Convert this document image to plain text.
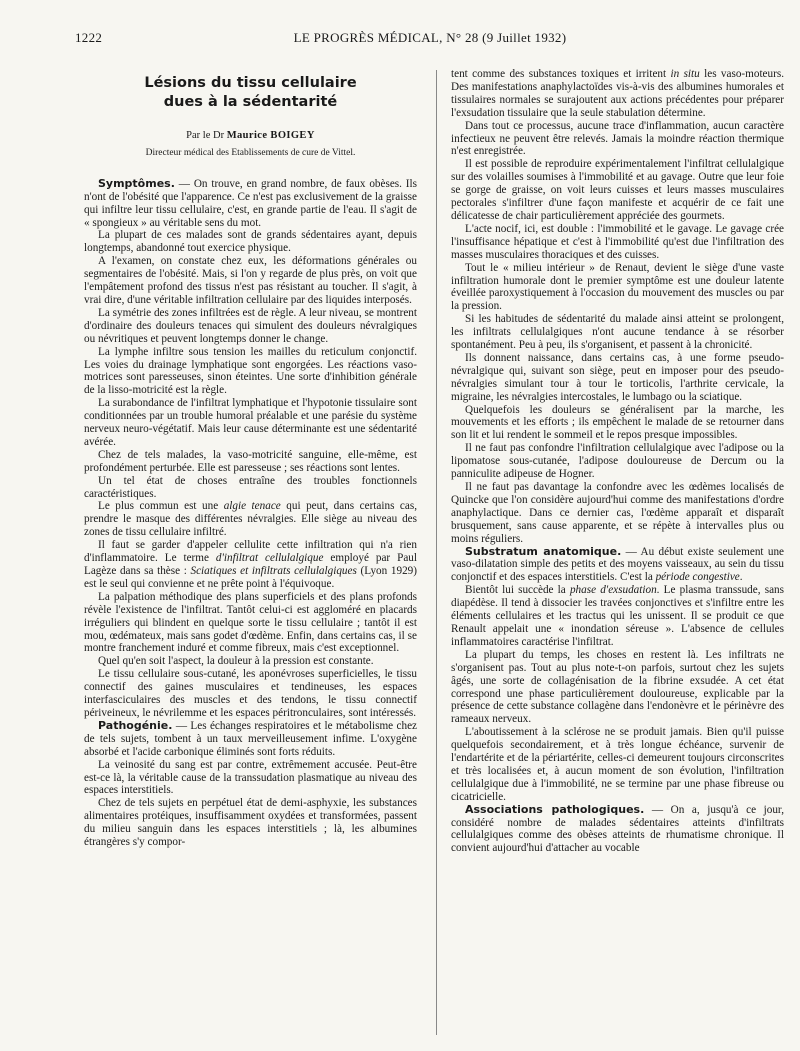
1222	LE PROGRÈS MÉDICAL, N° 28 (9 Juillet 1932)
Lésions du tissu cellulaire
dues à la sédentarité
Par le Dr Maurice BOIGEY
Directeur médical des Etablissements de cure de Vittel.

Symptômes. — On trouve, en grand nombre, de faux obèses. Ils n'ont de l'obésité que l'apparence. Ce n'est pas exclusivement de la graisse qui infiltre leur tissu cellulaire, c'est, en grande partie de l'eau. Il s'agit de « spongieux » au véritable sens du mot.

La plupart de ces malades sont de grands sédentaires ayant, depuis longtemps, abandonné tout exercice physique.

A l'examen, on constate chez eux, les déformations générales ou segmentaires de l'obésité. Mais, si l'on y regarde de plus près, on voit que l'empâtement profond des tissus n'est pas résistant au toucher. Il s'agit, à vrai dire, d'une véritable infiltration cellulaire par des liquides interposés.

La symétrie des zones infiltrées est de règle. A leur niveau, se montrent d'ordinaire des douleurs tenaces qui simulent des douleurs névralgiques ou névritiques et peuvent longtemps donner le change.

La lymphe infiltre sous tension les mailles du reticulum conjonctif. Les voies du drainage lymphatique sont engorgées. Les réactions vaso-motrices sont paresseuses, sinon éteintes. Une sorte d'inhibition générale de la lisso-motricité est la règle.

La surabondance de l'infiltrat lymphatique et l'hypotonie tissulaire sont conditionnées par un trouble humoral préalable et une parésie du système nerveux neuro-végétatif. Mais leur cause déterminante est une sédentarité avérée.

Chez de tels malades, la vaso-motricité sanguine, elle-même, est profondément perturbée. Elle est paresseuse ; ses réactions sont lentes.

Un tel état de choses entraîne des troubles fonctionnels caractéristiques.

Le plus commun est une algie tenace qui peut, dans certains cas, prendre le masque des différentes névralgies. Elle siège au niveau des zones de tissu cellulaire infiltré.

Il faut se garder d'appeler cellulite cette infiltration qui n'a rien d'inflammatoire. Le terme d'infiltrat cellulalgique employé par Paul Lagèze dans sa thèse : Sciatiques et infiltrats cellulalgiques (Lyon 1929) est le seul qui convienne et ne prête point à l'équivoque.

La palpation méthodique des plans superficiels et des plans profonds révèle l'existence de l'infiltrat. Tantôt celui-ci est aggloméré en placards irréguliers qui blindent en quelque sorte le tissu cellulaire ; tantôt il est mou, œdémateux, mais sans godet d'œdème. Enfin, dans certains cas, il se montre franchement induré et comme fibreux, mais c'est exceptionnel.

Quel qu'en soit l'aspect, la douleur à la pression est constante.

Le tissu cellulaire sous-cutané, les aponévroses superficielles, le tissu connectif des gaines musculaires et tendineuses, les espaces interfasciculaires des muscles et des tendons, le tissu connectif périveineux, le névrilemme et les espaces péritronculaires, sont intéressés.

Pathogénie. — Les échanges respiratoires et le métabolisme chez de tels sujets, tombent à un taux merveilleusement infime. L'oxygène absorbé et l'acide carbonique éliminés sont forts réduits.

La veinosité du sang est par contre, extrêmement accusée. Peut-être est-ce là, la véritable cause de la transsudation plasmatique au niveau des espaces interstitiels.

Chez de tels sujets en perpétuel état de demi-asphyxie, les substances alimentaires protéiques, insuffisamment oxydées et transformées, passent du milieu sanguin dans les espaces interstitiels ; là, les albumines étrangères s'y compor-

tent comme des substances toxiques et irritent in situ les vaso-moteurs. Des manifestations anaphylactoïdes vis-à-vis des albumines humorales et tissulaires normales se surajoutent aux actions précédentes pour préparer l'exsudation tissulaire que la seule stabulation détermine.

Dans tout ce processus, aucune trace d'inflammation, aucun caractère infectieux ne peuvent être relevés. Jamais la moindre réaction thermique n'est enregistrée.

Il est possible de reproduire expérimentalement l'infiltrat cellulalgique sur des volailles soumises à l'immobilité et au gavage. Outre que leur foie se gorge de graisse, on voit leurs cuisses et leurs masses musculaires pectorales s'infiltrer d'une façon manifeste et acquérir de ce fait une délicatesse de chair particulièrement appréciée des gourmets.

L'acte nocif, ici, est double : l'immobilité et le gavage. Le gavage crée l'insuffisance hépatique et c'est à l'immobilité qu'est due l'infiltration des masses musculaires thoraciques et des cuisses.

Tout le « milieu intérieur » de Renaut, devient le siège d'une vaste infiltration humorale dont le premier symptôme est une douleur latente éveillée paroxystiquement à l'occasion du mouvement des muscles ou par la pression.

Si les habitudes de sédentarité du malade ainsi atteint se prolongent, les infiltrats cellulalgiques n'ont aucune tendance à se résorber spontanément. Peu à peu, ils s'organisent, et passent à la chronicité.

Ils donnent naissance, dans certains cas, à une forme pseudo-névralgique qui, suivant son siège, peut en imposer pour des pseudo-névralgies simulant tour à tour le torticolis, l'arthrite cervicale, la migraine, les névralgies intercostales, le lumbago ou la sciatique.

Quelquefois les douleurs se généralisent par la marche, les mouvements et les efforts ; ils empêchent le malade de se retourner dans son lit et lui rendent le sommeil et le repos presque impossibles.

Il ne faut pas confondre l'infiltration cellulalgique avec l'adipose ou la lipomatose sous-cutanée, l'adipose douloureuse de Dercum ou la panniculite adipeuse de Hogner.

Il ne faut pas davantage la confondre avec les œdèmes localisés de Quincke que l'on considère aujourd'hui comme des manifestations d'ordre anaphylactique. Dans ce dernier cas, l'œdème apparaît et disparaît brusquement, sans cause apparente, et se répète à intervalles plus ou moins réguliers.

Substratum anatomique. — Au début existe seulement une vaso-dilatation simple des petits et des moyens vaisseaux, au sein du tissu conjonctif et des espaces interstitiels. C'est la période congestive.

Bientôt lui succède la phase d'exsudation. Le plasma transsude, sans diapédèse. Il tend à dissocier les travées conjonctives et s'infiltre entre les éléments cellulaires et les tractus qui les unissent. Il se produit ce que Renault appelait une « inondation séreuse ». L'absence de cellules inflammatoires caractérise l'infiltrat.

La plupart du temps, les choses en restent là. Les infiltrats ne s'organisent pas. Tout au plus note-t-on parfois, surtout chez les sujets âgés, une sorte de collagénisation de la fibrine exsudée. A cet état correspond une phase particulièrement douloureuse, explicable par la présence de cette substance collagène dans l'endonèvre et le périnèvre des rameaux nerveux.

L'aboutissement à la sclérose ne se produit jamais. Bien qu'il puisse quelquefois secondairement, et à très longue échéance, survenir de l'endartérite et de la périartérite, celles-ci demeurent toujours circonscrites et très localisées et, à aucun moment de son évolution, l'infiltration cellulalgique due à l'immobilité, ne se termine par une phase fibreuse ou cicatricielle.

Associations pathologiques. — On a, jusqu'à ce jour, considéré nombre de malades sédentaires atteints d'infiltrats cellulalgiques comme des obèses atteints de rhumatisme chronique. Il convient aujourd'hui d'attacher au vocable
